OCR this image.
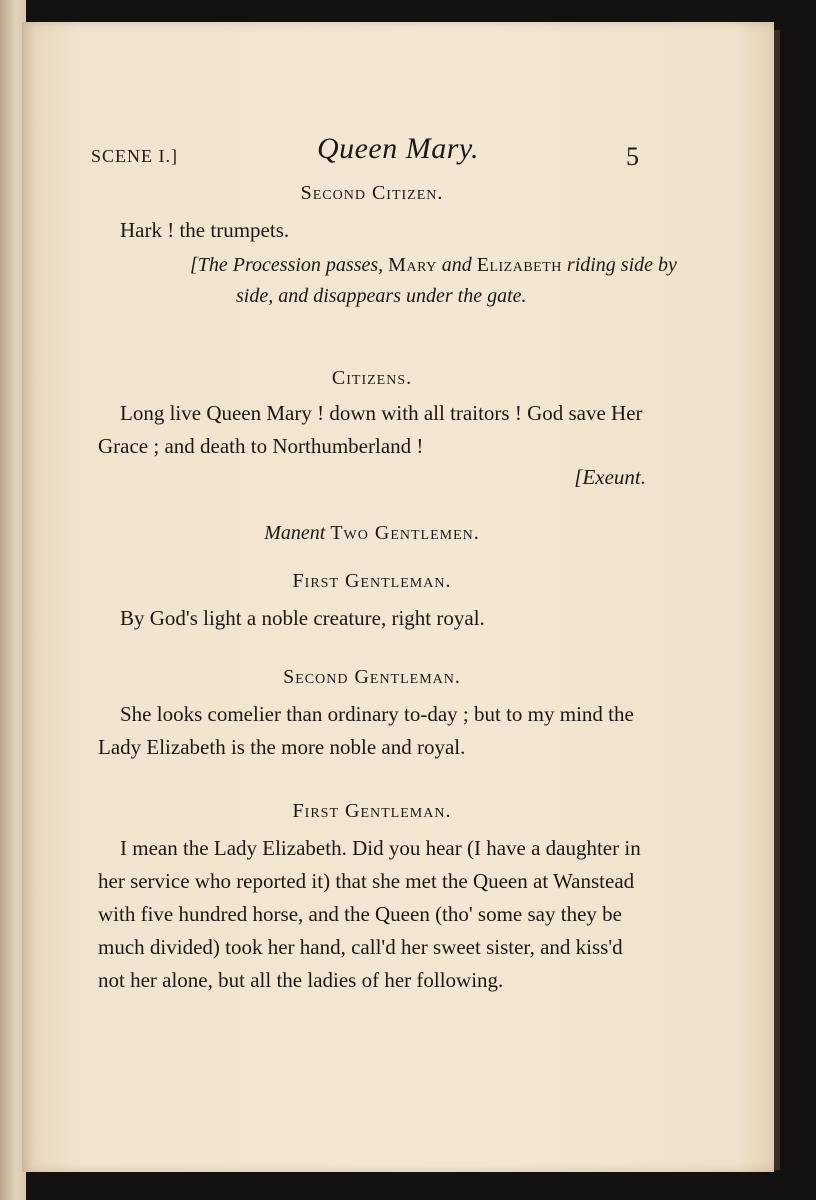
SCENE I.]	Queen Mary.	5
Second Citizen.
Hark ! the trumpets.
[The Procession passes, Mary and Elizabeth riding side by side, and disappears under the gate.
Citizens.
Long live Queen Mary ! down with all traitors ! God save Her Grace ; and death to Northumberland !
[Exeunt.
Manent Two Gentlemen.
First Gentleman.
By God's light a noble creature, right royal.
Second Gentleman.
She looks comelier than ordinary to-day ; but to my mind the Lady Elizabeth is the more noble and royal.
First Gentleman.
I mean the Lady Elizabeth. Did you hear (I have a daughter in her service who reported it) that she met the Queen at Wanstead with five hundred horse, and the Queen (tho' some say they be much divided) took her hand, call'd her sweet sister, and kiss'd not her alone, but all the ladies of her following.
